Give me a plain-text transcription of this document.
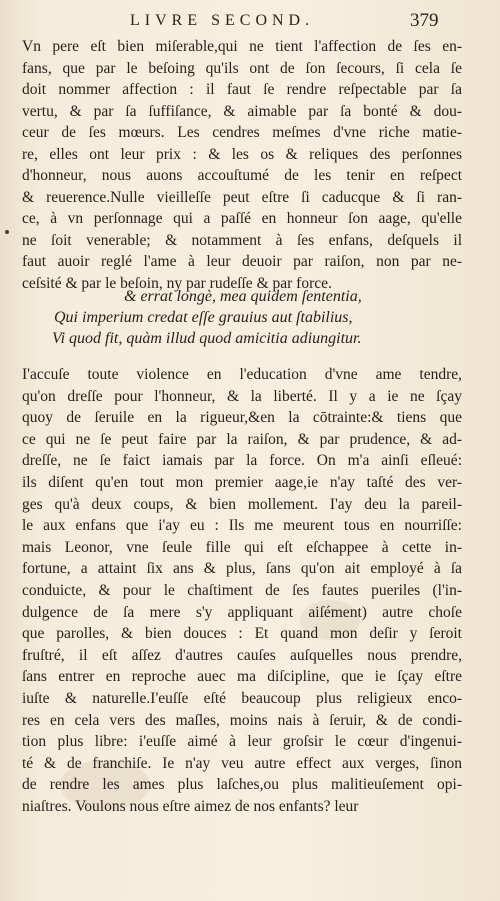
LIVRE SECOND.	379
Vn pere eſt bien miſerable,qui ne tient l'affection de ſes en-
fans, que par le beſoing qu'ils ont de ſon ſecours, ſi cela ſe
doit nommer affection : il faut ſe rendre reſpectable par ſa
vertu, & par ſa ſuffiſance, & aimable par ſa bonté & dou-
ceur de ſes mœurs. Les cendres meſmes d'vne riche matie-
re, elles ont leur prix : & les os & reliques des perſonnes
d'honneur, nous auons accouſtumé de les tenir en reſpect
& reuerence.Nulle vieilleſſe peut eſtre ſi caducque & ſi ran-
ce, à vn perſonnage qui a paſſé en honneur ſon aage, qu'elle
ne ſoit venerable; & notamment à ſes enfans, deſquels il
faut auoir reglé l'ame à leur deuoir par raiſon, non par ne-
ceſsité & par le beſoin, ny par rudeſſe & par force.
& errat longè, mea quidem ſententia,
Qui imperium credat eſſe grauius aut ſtabilius,
Vi quod fit, quàm illud quod amicitia adiungitur.
I'accuſe toute violence en l'education d'vne ame tendre,
qu'on dreſſe pour l'honneur, & la liberté. Il y a ie ne ſçay
quoy de ſeruile en la rigueur,&en la cōtrainte:& tiens que
ce qui ne ſe peut faire par la raiſon, & par prudence, & ad-
dreſſe, ne ſe faict iamais par la force. On m'a ainſi eſleué:
ils diſent qu'en tout mon premier aage,ie n'ay taſté des ver-
ges qu'à deux coups, & bien mollement. I'ay deu la pareil-
le aux enfans que i'ay eu : Ils me meurent tous en nourriſſe:
mais Leonor, vne ſeule fille qui eſt eſchappee à cette in-
fortune, a attaint ſix ans & plus, ſans qu'on ait employé à ſa
conduicte, & pour le chaſtiment de ſes fautes pueriles (l'in-
dulgence de ſa mere s'y appliquant aiſément) autre choſe
que parolles, & bien douces : Et quand mon deſir y ſeroit
fruſtré, il eſt aſſez d'autres cauſes auſquelles nous prendre,
ſans entrer en reproche auec ma diſcipline, que ie ſçay eſtre
iuſte & naturelle.I'euſſe eſté beaucoup plus religieux enco-
res en cela vers des maſles, moins nais à ſeruir, & de condi-
tion plus libre: i'euſſe aimé à leur groſsir le cœur d'ingenui-
té & de franchiſe. Ie n'ay veu autre effect aux verges, ſinon
de rendre les ames plus laſches,ou plus malitieuſement opi-
niaſtres. Voulons nous eſtre aimez de nos enfants? leur
